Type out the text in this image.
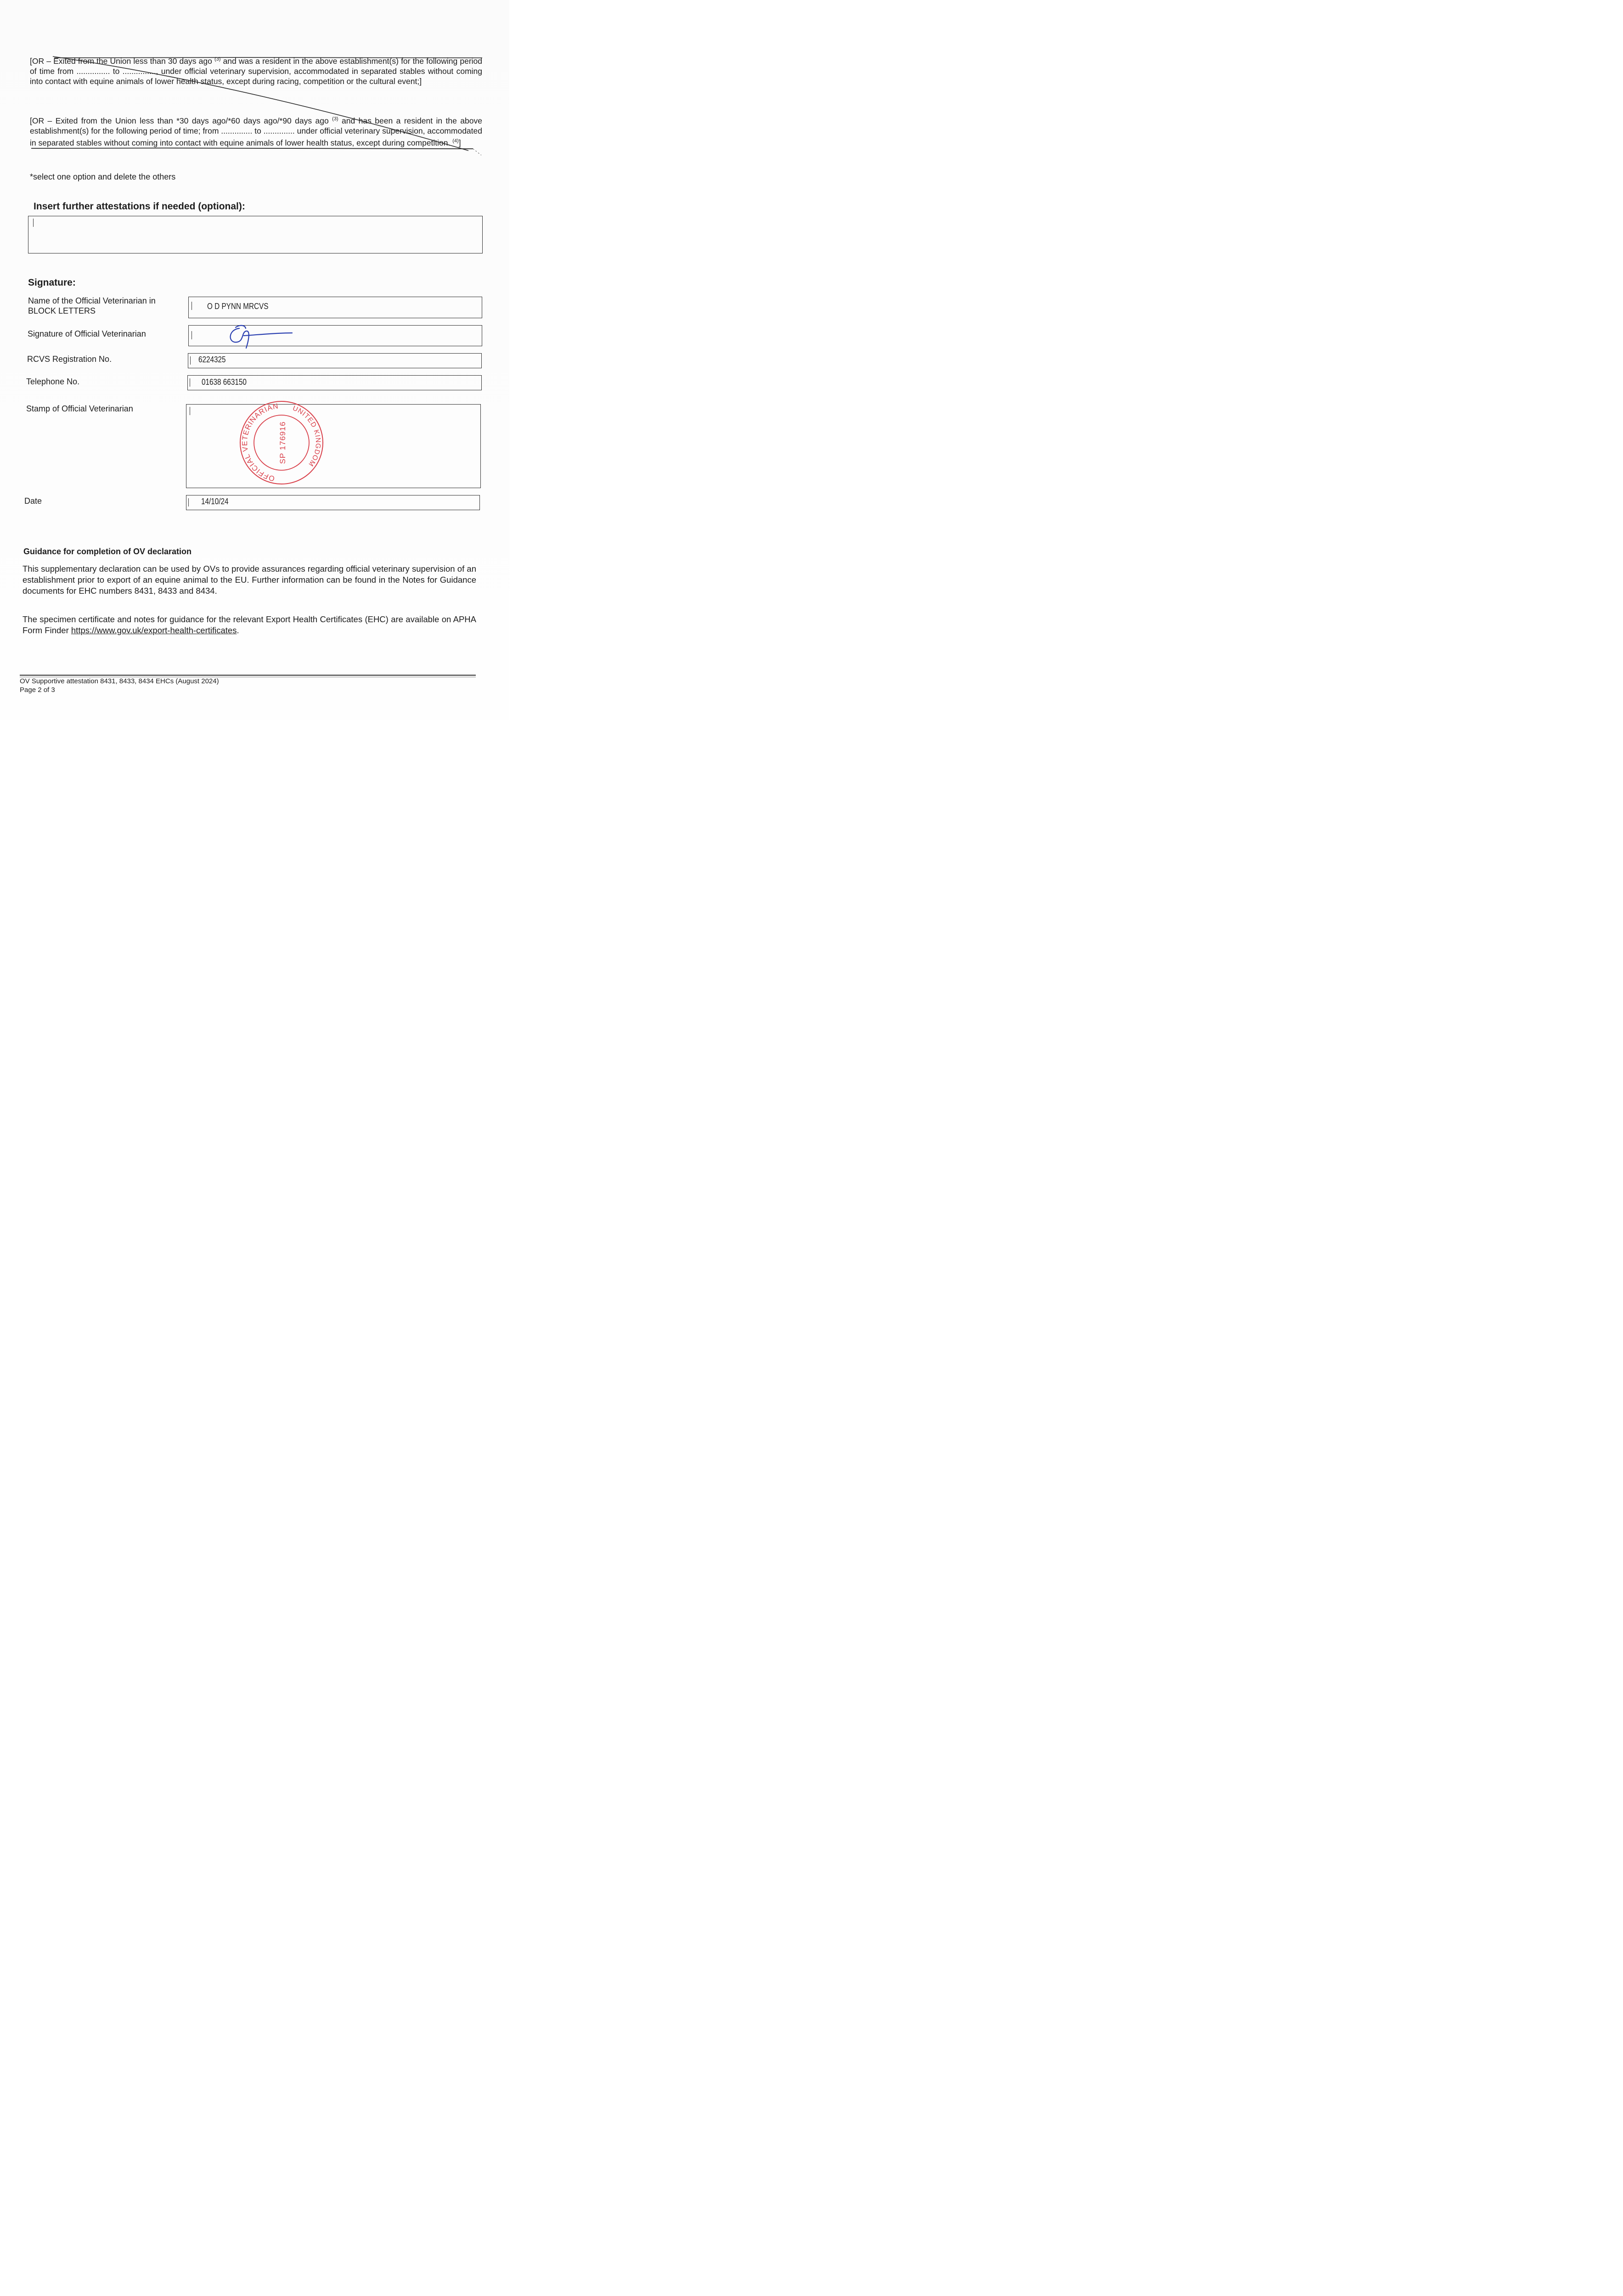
[OR – Exited from the Union less than 30 days ago $^{(3)}$ and was a resident in the above establishment(s) for the following period of time from ............... to ..............., under official veterinary supervision, accommodated in separated stables without coming into contact with equine animals of lower health status, except during racing, competition or the cultural event;]
[OR – Exited from the Union less than *30 days ago/*60 days ago/*90 days ago $^{(3)}$ and has been a resident in the above establishment(s) for the following period of time; from .............. to .............. under official veterinary supervision, accommodated in separated stables without coming into contact with equine animals of lower health status, except during competition. $^{(4)}$]
*select one option and delete the others
Insert further attestations if needed (optional):
Signature:
Name of the Official Veterinarian in BLOCK LETTERS	O D PYNN MRCVS
Signature of Official Veterinarian
RCVS Registration No.	6224325
Telephone No.	01638 663150
Stamp of Official Veterinarian
OFFICIAL VETERINARIAN UNITED KINGDOM
SP 176916
Date	14/10/24
Guidance for completion of OV declaration
This supplementary declaration can be used by OVs to provide assurances regarding official veterinary supervision of an establishment prior to export of an equine animal to the EU. Further information can be found in the Notes for Guidance documents for EHC numbers 8431, 8433 and 8434.
The specimen certificate and notes for guidance for the relevant Export Health Certificates (EHC) are available on APHA Form Finder https://www.gov.uk/export-health-certificates.
OV Supportive attestation 8431, 8433, 8434 EHCs (August 2024)
Page 2 of 3
